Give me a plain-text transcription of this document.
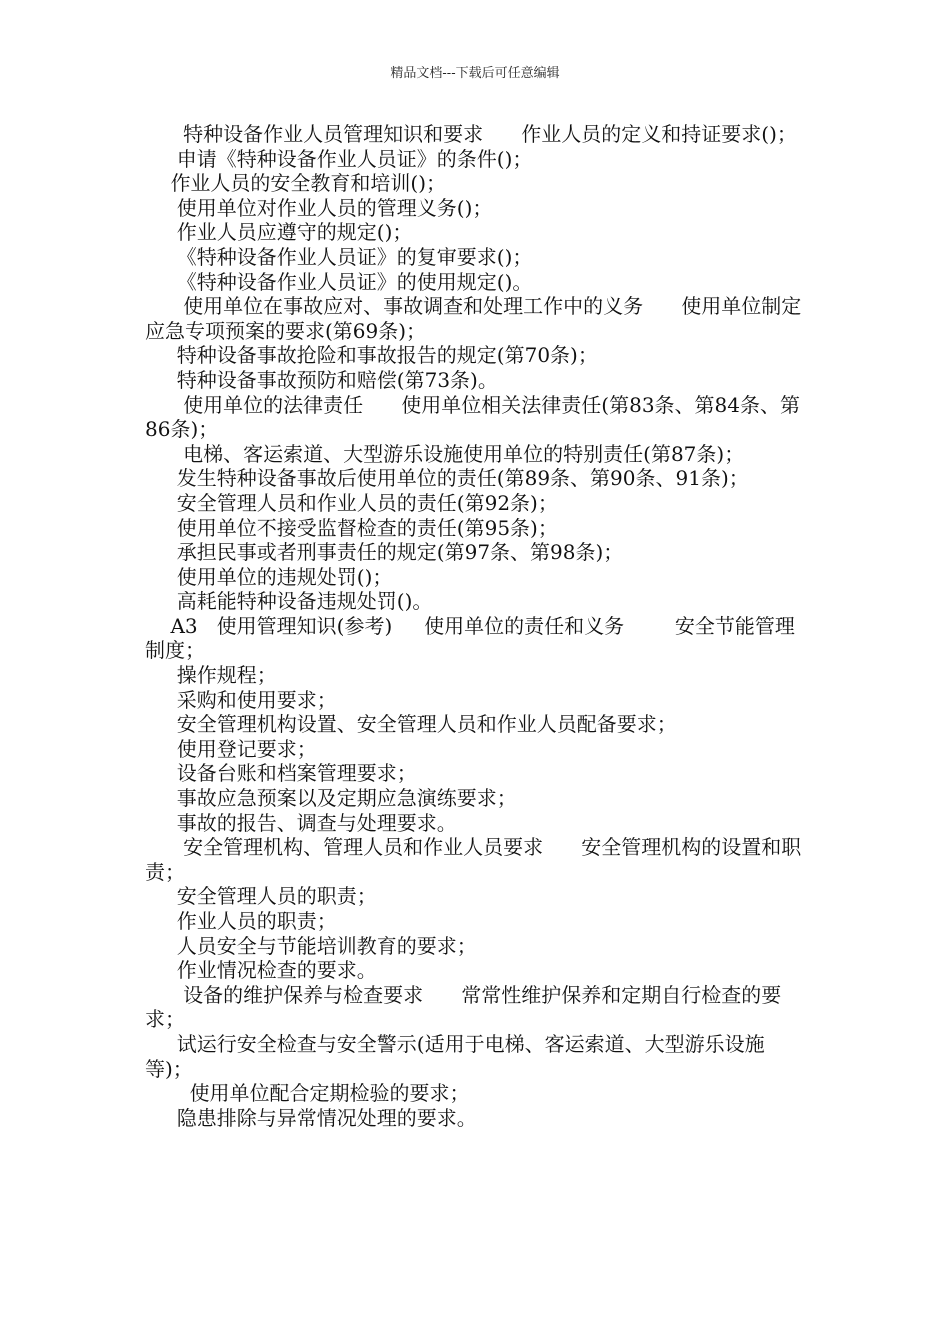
精品文档---下载后可任意编辑

特种设备作业人员管理知识和要求      作业人员的定义和持证要求()；

申请《特种设备作业人员证》的条件()；

作业人员的安全教育和培训()；

使用单位对作业人员的管理义务()；

作业人员应遵守的规定()；

《特种设备作业人员证》的复审要求()；

《特种设备作业人员证》的使用规定()。

使用单位在事故应对、事故调查和处理工作中的义务      使用单位制定应急专项预案的要求(第69条)；

特种设备事故抢险和事故报告的规定(第70条)；

特种设备事故预防和赔偿(第73条)。

使用单位的法律责任      使用单位相关法律责任(第83条、第84条、第86条)；

电梯、客运索道、大型游乐设施使用单位的特别责任(第87条)；

发生特种设备事故后使用单位的责任(第89条、第90条、91条)；

安全管理人员和作业人员的责任(第92条)；

使用单位不接受监督检查的责任(第95条)；

承担民事或者刑事责任的规定(第97条、第98条)；

使用单位的违规处罚()；

高耗能特种设备违规处罚()。

A3   使用管理知识(参考)     使用单位的责任和义务        安全节能管理制度；

操作规程；

采购和使用要求；

安全管理机构设置、安全管理人员和作业人员配备要求；

使用登记要求；

设备台账和档案管理要求；

事故应急预案以及定期应急演练要求；

事故的报告、调查与处理要求。

安全管理机构、管理人员和作业人员要求      安全管理机构的设置和职责；

安全管理人员的职责；

作业人员的职责；

人员安全与节能培训教育的要求；

作业情况检查的要求。

设备的维护保养与检查要求      常常性维护保养和定期自行检查的要求；

试运行安全检查与安全警示(适用于电梯、客运索道、大型游乐设施等)；

使用单位配合定期检验的要求；

隐患排除与异常情况处理的要求。
